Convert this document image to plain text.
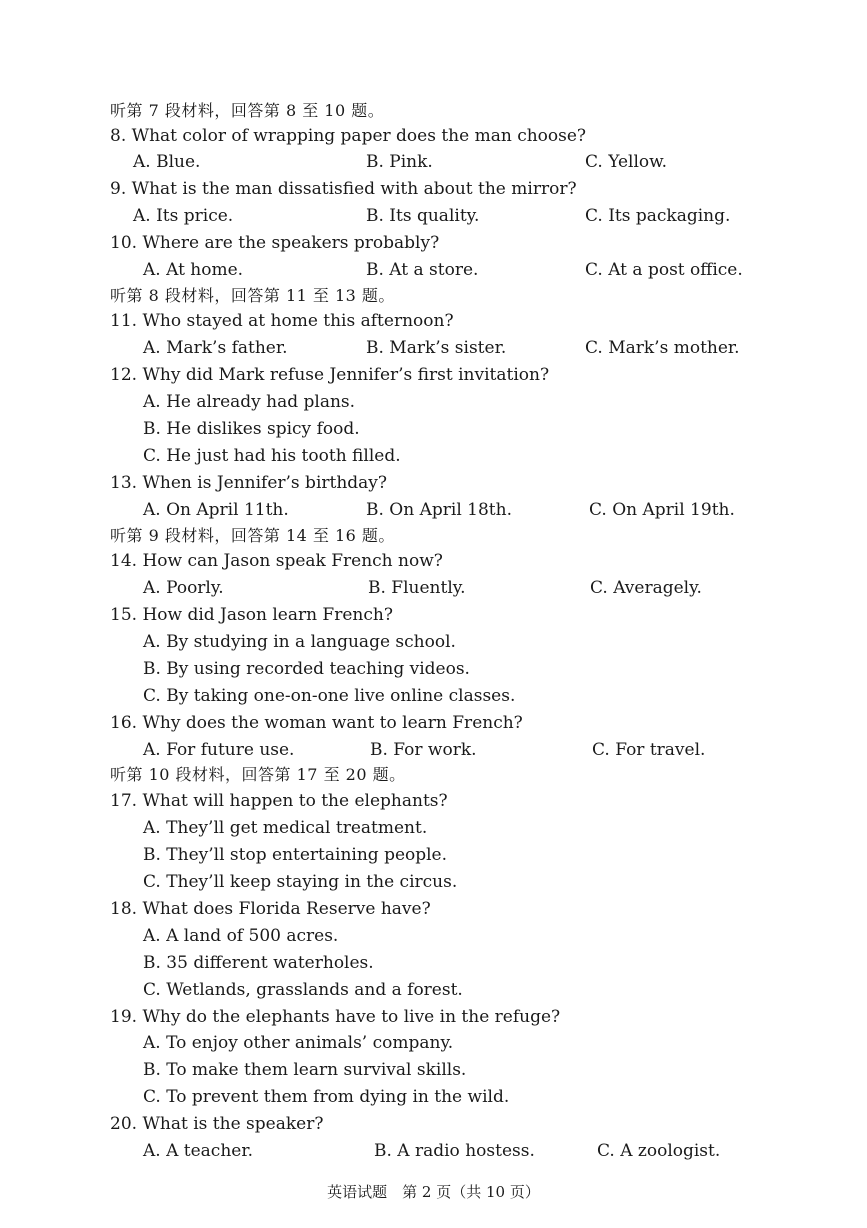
听第 7 段材料，回答第 8 至 10 题。
8. What color of wrapping paper does the man choose?
A. Blue.	B. Pink.	C. Yellow.
9. What is the man dissatisfied with about the mirror?
A. Its price.	B. Its quality.	C. Its packaging.
10. Where are the speakers probably?
A. At home.	B. At a store.	C. At a post office.
听第 8 段材料，回答第 11 至 13 题。
11. Who stayed at home this afternoon?
A. Mark’s father.	B. Mark’s sister.	C. Mark’s mother.
12. Why did Mark refuse Jennifer’s first invitation?
A. He already had plans.
B. He dislikes spicy food.
C. He just had his tooth filled.
13. When is Jennifer’s birthday?
A. On April 11th.	B. On April 18th.	C. On April 19th.
听第 9 段材料，回答第 14 至 16 题。
14. How can Jason speak French now?
A. Poorly.	B. Fluently.	C. Averagely.
15. How did Jason learn French?
A. By studying in a language school.
B. By using recorded teaching videos.
C. By taking one-on-one live online classes.
16. Why does the woman want to learn French?
A. For future use.	B. For work.	C. For travel.
听第 10 段材料，回答第 17 至 20 题。
17. What will happen to the elephants?
A. They’ll get medical treatment.
B. They’ll stop entertaining people.
C. They’ll keep staying in the circus.
18. What does Florida Reserve have?
A. A land of 500 acres.
B. 35 different waterholes.
C. Wetlands, grasslands and a forest.
19. Why do the elephants have to live in the refuge?
A. To enjoy other animals’ company.
B. To make them learn survival skills.
C. To prevent them from dying in the wild.
20. What is the speaker?
A. A teacher.	B. A radio hostess.	C. A zoologist.
英语试题　第 2 页（共 10 页）
